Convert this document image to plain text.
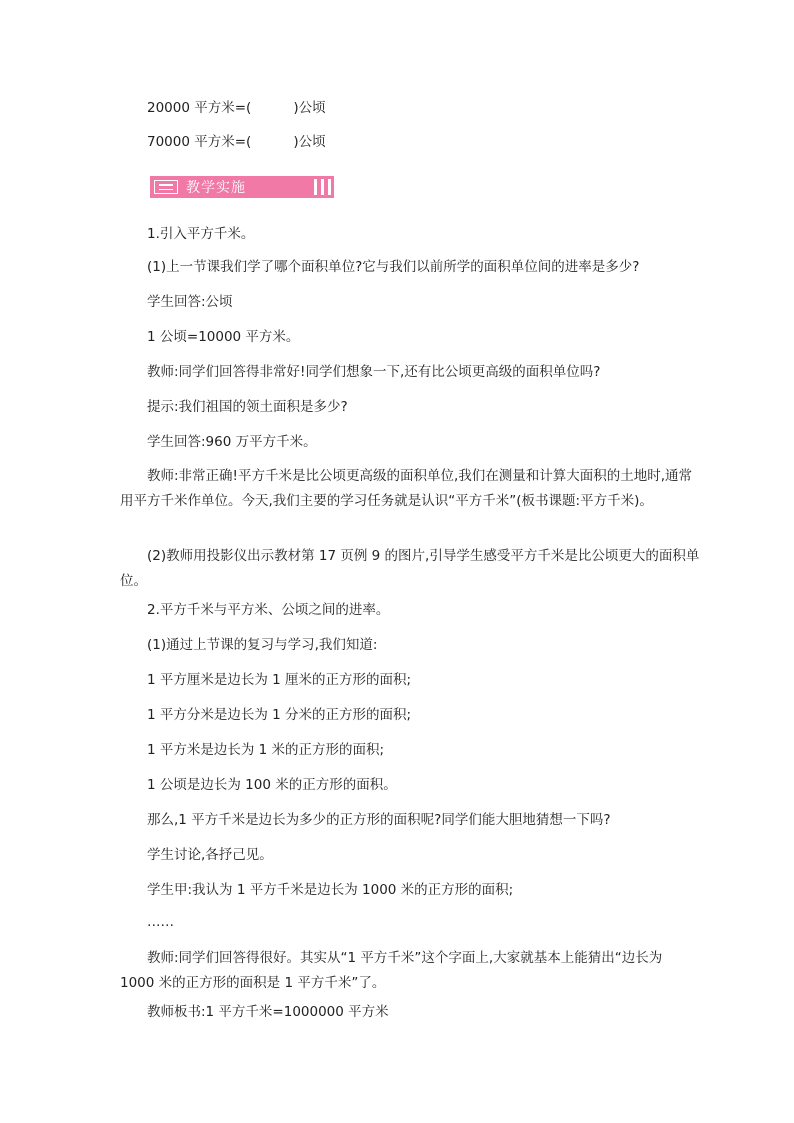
20000 平方米=(	)公顷
70000 平方米=(	)公顷
教学实施
1.引入平方千米。
(1)上一节课我们学了哪个面积单位?它与我们以前所学的面积单位间的进率是多少?
学生回答:公顷
1 公顷=10000 平方米。
教师:同学们回答得非常好!同学们想象一下,还有比公顷更高级的面积单位吗?
提示:我们祖国的领土面积是多少?
学生回答:960 万平方千米。
教师:非常正确!平方千米是比公顷更高级的面积单位,我们在测量和计算大面积的土地时,通常用平方千米作单位。今天,我们主要的学习任务就是认识“平方千米”(板书课题:平方千米)。
(2)教师用投影仪出示教材第 17 页例 9 的图片,引导学生感受平方千米是比公顷更大的面积单位。
2.平方千米与平方米、公顷之间的进率。
(1)通过上节课的复习与学习,我们知道:
1 平方厘米是边长为 1 厘米的正方形的面积;
1 平方分米是边长为 1 分米的正方形的面积;
1 平方米是边长为 1 米的正方形的面积;
1 公顷是边长为 100 米的正方形的面积。
那么,1 平方千米是边长为多少的正方形的面积呢?同学们能大胆地猜想一下吗?
学生讨论,各抒己见。
学生甲:我认为 1 平方千米是边长为 1000 米的正方形的面积;
……
教师:同学们回答得很好。其实从“1 平方千米”这个字面上,大家就基本上能猜出“边长为 1000 米的正方形的面积是 1 平方千米”了。
教师板书:1 平方千米=1000000 平方米
